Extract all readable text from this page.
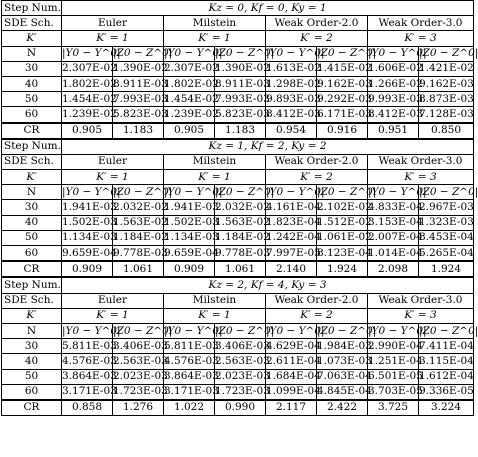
Step Num.	Kz = 0, Kf = 0, Ky = 1							
SDE Sch.	Euler		Milstein		Weak Order-2.0		Weak Order-3.0	
K′	K′ = 1		K′ = 1		K′ = 2		K′ = 3	
N	|Y0 − Y^0|	|Z0 − Z^0|	|Y0 − Y^0|	|Z0 − Z^0|	|Y0 − Y^0|	|Z0 − Z^0|	|Y0 − Y^0|	|Z0 − Z^0|
30	2.307E-02	1.390E-02	2.307E-02	1.390E-02	1.613E-02	1.415E-02	1.606E-02	1.421E-02
40	1.802E-02	8.911E-03	1.802E-02	8.911E-03	1.298E-02	9.162E-03	1.266E-02	9.162E-03
50	1.454E-02	7.993E-03	1.454E-02	7.993E-03	9.893E-03	9.292E-03	9.993E-03	8.873E-03
60	1.239E-02	5.823E-03	1.239E-02	5.823E-03	8.412E-03	6.171E-03	8.412E-03	7.128E-03
CR	0.905	1.183	0.905	1.183	0.954	0.916	0.951	0.850
Step Num.	Kz = 1, Kf = 2, Ky = 2							
SDE Sch.	Euler		Milstein		Weak Order-2.0		Weak Order-3.0	
K′	K′ = 1		K′ = 1		K′ = 2		K′ = 3	
N	|Y0 − Y^0|	|Z0 − Z^0|	|Y0 − Y^0|	|Z0 − Z^0|	|Y0 − Y^0|	|Z0 − Z^0|	|Y0 − Y^0|	|Z0 − Z^0|
30	1.941E-03	2.032E-02	1.941E-03	2.032E-02	4.161E-04	2.102E-02	4.833E-04	2.967E-03
40	1.502E-03	1.563E-02	1.502E-03	1.563E-02	1.823E-04	1.512E-02	3.153E-04	1.323E-03
50	1.134E-03	1.184E-02	1.134E-03	1.184E-02	1.242E-04	1.061E-02	2.007E-04	8.453E-04
60	9.659E-04	9.778E-03	9.659E-04	9.778E-03	7.997E-05	8.123E-04	1.014E-04	5.265E-04
CR	0.909	1.061	0.909	1.061	2.140	1.924	2.098	1.924
Step Num.	Kz = 2, Kf = 4, Ky = 3							
SDE Sch.	Euler		Milstein		Weak Order-2.0		Weak Order-3.0	
K′	K′ = 1		K′ = 1		K′ = 2		K′ = 3	
N	|Y0 − Y^0|	|Z0 − Z^0|	|Y0 − Y^0|	|Z0 − Z^0|	|Y0 − Y^0|	|Z0 − Z^0|	|Y0 − Y^0|	|Z0 − Z^0|
30	5.811E-03	3.406E-03	5.811E-03	3.406E-03	4.629E-04	1.984E-03	2.990E-04	7.411E-04
40	4.576E-03	2.563E-03	4.576E-03	2.563E-03	2.611E-04	1.073E-03	1.251E-04	3.115E-04
50	3.864E-03	2.023E-03	3.864E-03	2.023E-03	1.684E-04	7.063E-04	6.501E-05	1.612E-04
60	3.171E-03	1.723E-03	3.171E-03	1.723E-03	1.099E-04	4.845E-04	3.703E-05	9.336E-05
CR	0.858	1.276	1.022	0.990	2.117	2.422	3.725	3.224
